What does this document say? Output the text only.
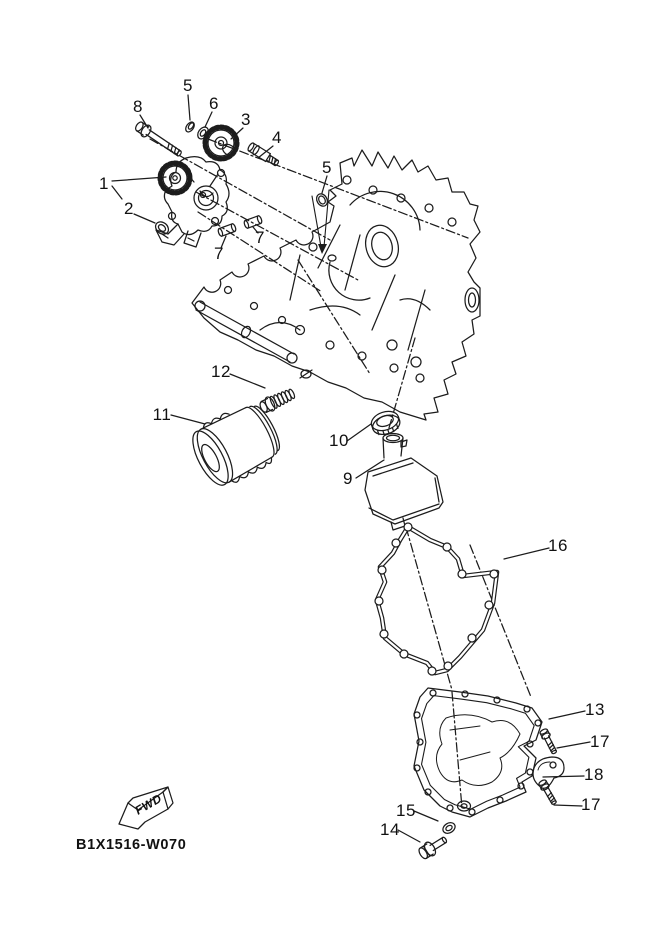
1
2
3
4
5
5
6
7
7
8
9
10
11
12
13
14
15
16
17
17
18
FWD
B1X1516-W070
